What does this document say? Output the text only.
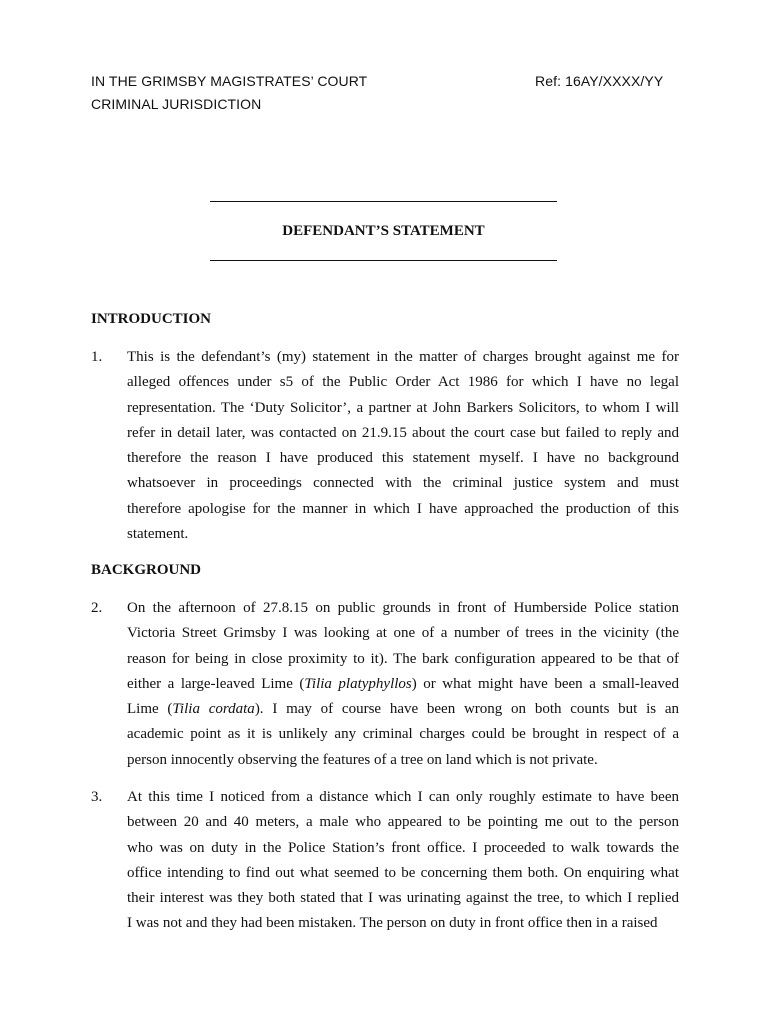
IN THE GRIMSBY MAGISTRATES’ COURT	Ref: 16AY/XXXX/YY
CRIMINAL JURISDICTION
DEFENDANT’S STATEMENT
INTRODUCTION
1. This is the defendant’s (my) statement in the matter of charges brought against me for
alleged offences under s5 of the Public Order Act 1986 for which I have no legal
representation. The ‘Duty Solicitor’, a partner at John Barkers Solicitors, to whom I will
refer in detail later, was contacted on 21.9.15 about the court case but failed to reply and
therefore the reason I have produced this statement myself. I have no background
whatsoever in proceedings connected with the criminal justice system and must
therefore apologise for the manner in which I have approached the production of this
statement.
BACKGROUND
2. On the afternoon of 27.8.15 on public grounds in front of Humberside Police station
Victoria Street Grimsby I was looking at one of a number of trees in the vicinity (the
reason for being in close proximity to it). The bark configuration appeared to be that of
either a large-leaved Lime (Tilia platyphyllos) or what might have been a small-leaved
Lime (Tilia cordata). I may of course have been wrong on both counts but is an
academic point as it is unlikely any criminal charges could be brought in respect of a
person innocently observing the features of a tree on land which is not private.
3. At this time I noticed from a distance which I can only roughly estimate to have been
between 20 and 40 meters, a male who appeared to be pointing me out to the person
who was on duty in the Police Station’s front office. I proceeded to walk towards the
office intending to find out what seemed to be concerning them both. On enquiring what
their interest was they both stated that I was urinating against the tree, to which I replied
I was not and they had been mistaken. The person on duty in front office then in a raised
